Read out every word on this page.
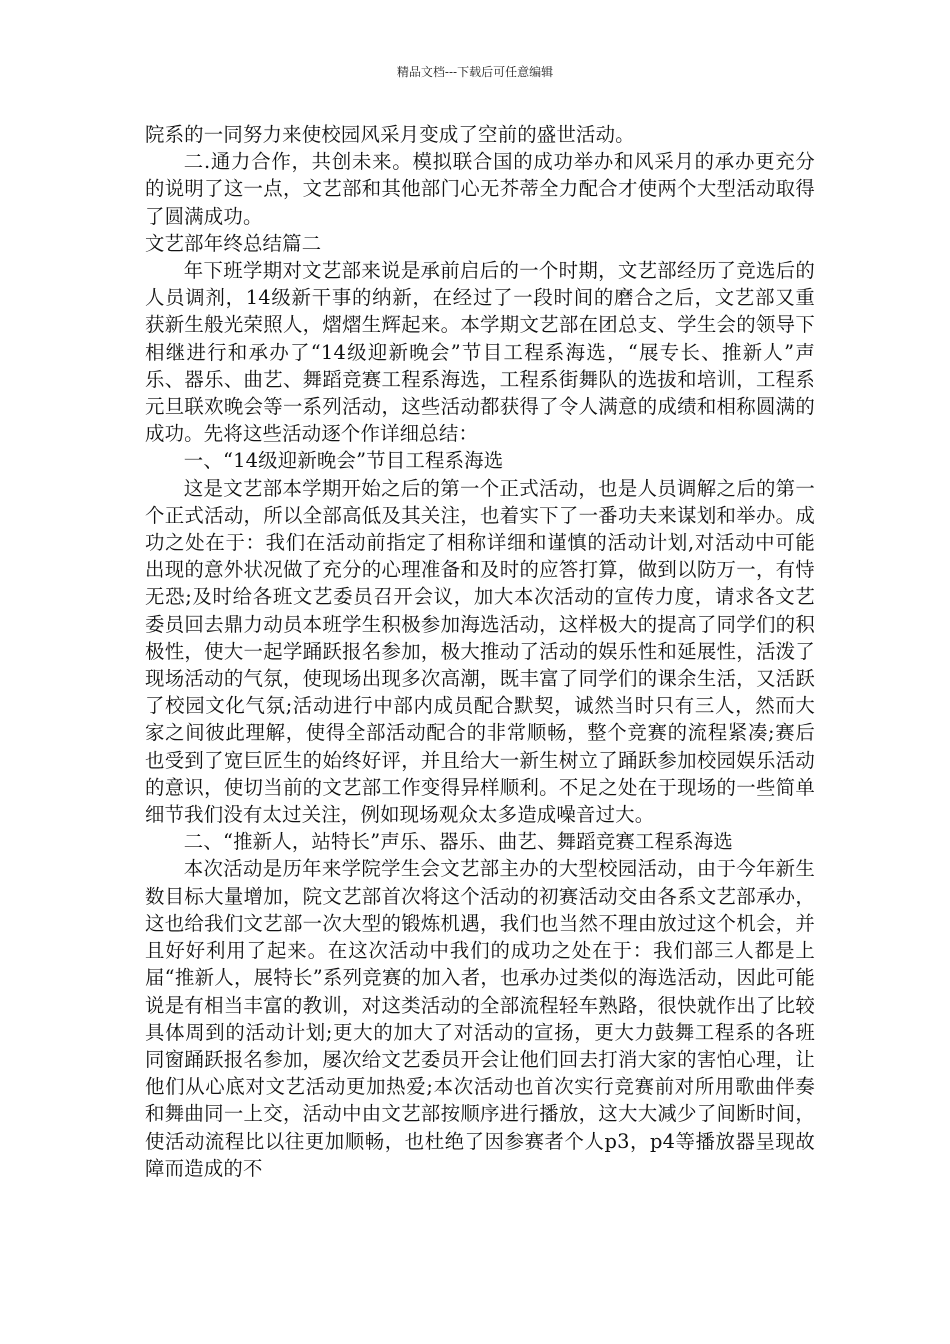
精品文档---下载后可任意编辑

院系的一同努力来使校园风采月变成了空前的盛世活动。

二.通力合作，共创未来。模拟联合国的成功举办和风采月的承办更充分的说明了这一点，文艺部和其他部门心无芥蒂全力配合才使两个大型活动取得了圆满成功。

文艺部年终总结篇二

年下班学期对文艺部来说是承前启后的一个时期，文艺部经历了竞选后的人员调剂，14级新干事的纳新，在经过了一段时间的磨合之后，文艺部又重获新生般光荣照人，熠熠生辉起来。本学期文艺部在团总支、学生会的领导下相继进行和承办了“14级迎新晚会”节目工程系海选，“展专长、推新人”声乐、器乐、曲艺、舞蹈竞赛工程系海选，工程系街舞队的选拔和培训，工程系元旦联欢晚会等一系列活动，这些活动都获得了令人满意的成绩和相称圆满的成功。先将这些活动逐个作详细总结：

一、“14级迎新晚会”节目工程系海选

这是文艺部本学期开始之后的第一个正式活动，也是人员调解之后的第一个正式活动，所以全部高低及其关注，也着实下了一番功夫来谋划和举办。成功之处在于：我们在活动前指定了相称详细和谨慎的活动计划,对活动中可能出现的意外状况做了充分的心理准备和及时的应答打算，做到以防万一，有恃无恐;及时给各班文艺委员召开会议，加大本次活动的宣传力度，请求各文艺委员回去鼎力动员本班学生积极参加海选活动，这样极大的提高了同学们的积极性，使大一起学踊跃报名参加，极大推动了活动的娱乐性和延展性，活泼了现场活动的气氛，使现场出现多次高潮，既丰富了同学们的课余生活，又活跃了校园文化气氛;活动进行中部内成员配合默契，诚然当时只有三人，然而大家之间彼此理解，使得全部活动配合的非常顺畅，整个竞赛的流程紧凑;赛后也受到了宽巨匠生的始终好评，并且给大一新生树立了踊跃参加校园娱乐活动的意识，使切当前的文艺部工作变得异样顺利。不足之处在于现场的一些简单细节我们没有太过关注，例如现场观众太多造成噪音过大。

二、“推新人，站特长”声乐、器乐、曲艺、舞蹈竞赛工程系海选

本次活动是历年来学院学生会文艺部主办的大型校园活动，由于今年新生数目标大量增加，院文艺部首次将这个活动的初赛活动交由各系文艺部承办，这也给我们文艺部一次大型的锻炼机遇，我们也当然不理由放过这个机会，并且好好利用了起来。在这次活动中我们的成功之处在于：我们部三人都是上届“推新人，展特长”系列竞赛的加入者，也承办过类似的海选活动，因此可能说是有相当丰富的教训，对这类活动的全部流程轻车熟路，很快就作出了比较具体周到的活动计划;更大的加大了对活动的宣扬，更大力鼓舞工程系的各班同窗踊跃报名参加，屡次给文艺委员开会让他们回去打消大家的害怕心理，让他们从心底对文艺活动更加热爱;本次活动也首次实行竞赛前对所用歌曲伴奏和舞曲同一上交，活动中由文艺部按顺序进行播放，这大大减少了间断时间，使活动流程比以往更加顺畅，也杜绝了因参赛者个人p3，p4等播放器呈现故障而造成的不
